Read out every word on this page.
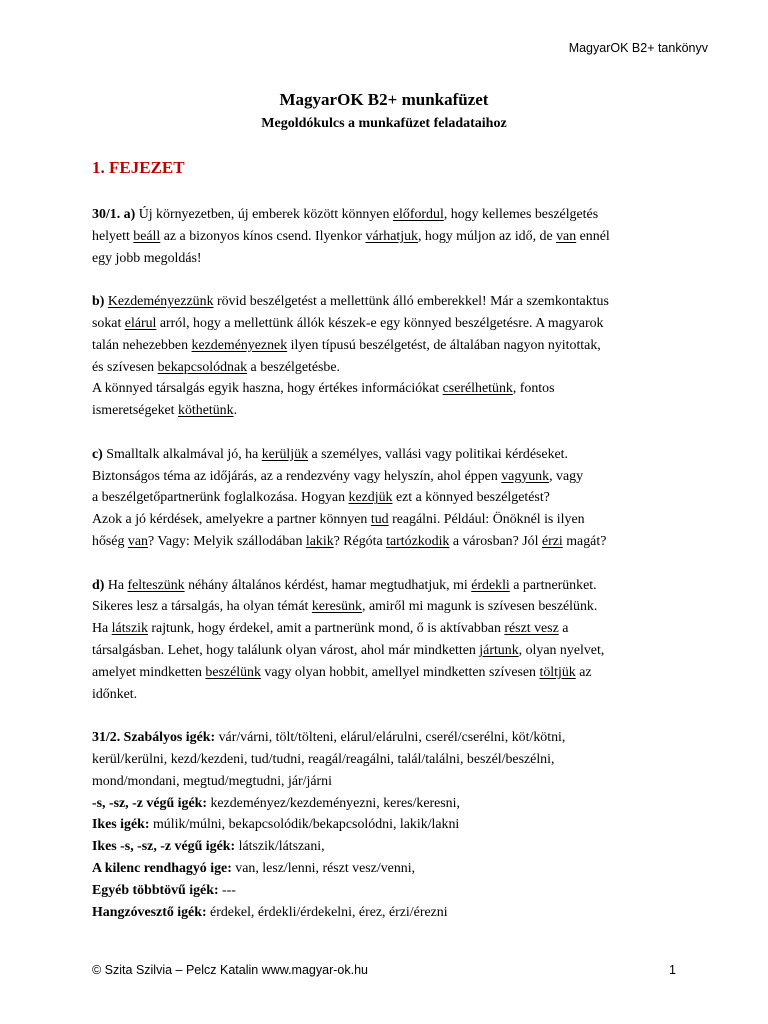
MagyarOK B2+ tankönyv
MagyarOK B2+ munkafüzet
Megoldókulcs a munkafüzet feladataihoz
1. FEJEZET
30/1. a) Új környezetben, új emberek között könnyen előfordul, hogy kellemes beszélgetés
helyett beáll az a bizonyos kínos csend. Ilyenkor várhatjuk, hogy múljon az idő, de van ennél
egy jobb megoldás!
b) Kezdeményezzünk rövid beszélgetést a mellettünk álló emberekkel! Már a szemkontaktus
sokat elárul arról, hogy a mellettünk állók készek-e egy könnyed beszélgetésre. A magyarok
talán nehezebben kezdeményeznek ilyen típusú beszélgetést, de általában nagyon nyitottak,
és szívesen bekapcsolódnak a beszélgetésbe.
A könnyed társalgás egyik haszna, hogy értékes információkat cserélhetünk, fontos
ismeretségeket köthetünk.
c) Smalltalk alkalmával jó, ha kerüljük a személyes, vallási vagy politikai kérdéseket.
Biztonságos téma az időjárás, az a rendezvény vagy helyszín, ahol éppen vagyunk, vagy
a beszélgetőpartnerünk foglalkozása. Hogyan kezdjük ezt a könnyed beszélgetést?
Azok a jó kérdések, amelyekre a partner könnyen tud reagálni. Például: Önöknél is ilyen
hőség van? Vagy: Melyik szállodában lakik? Régóta tartózkodik a városban? Jól érzi magát?
d) Ha felteszünk néhány általános kérdést, hamar megtudhatjuk, mi érdekli a partnerünket.
Sikeres lesz a társalgás, ha olyan témát keresünk, amiről mi magunk is szívesen beszélünk.
Ha látszik rajtunk, hogy érdekel, amit a partnerünk mond, ő is aktívabban részt vesz a
társalgásban. Lehet, hogy találunk olyan várost, ahol már mindketten jártunk, olyan nyelvet,
amelyet mindketten beszélünk vagy olyan hobbit, amellyel mindketten szívesen töltjük az
időnket.
31/2. Szabályos igék: vár/várni, tölt/tölteni, elárul/elárulni, cserél/cserélni, köt/kötni,
kerül/kerülni, kezd/kezdeni, tud/tudni, reagál/reagálni, talál/találni, beszél/beszélni,
mond/mondani, megtud/megtudni, jár/járni
-s, -sz, -z végű igék: kezdeményez/kezdeményezni, keres/keresni,
Ikes igék: múlik/múlni, bekapcsolódik/bekapcsolódni, lakik/lakni
Ikes -s, -sz, -z végű igék: látszik/látszani,
A kilenc rendhagyó ige: van, lesz/lenni, részt vesz/venni,
Egyéb többtövű igék: ---
Hangzóvesztő igék: érdekel, érdekli/érdekelni, érez, érzi/érezni
© Szita Szilvia – Pelcz Katalin www.magyar-ok.hu	1
